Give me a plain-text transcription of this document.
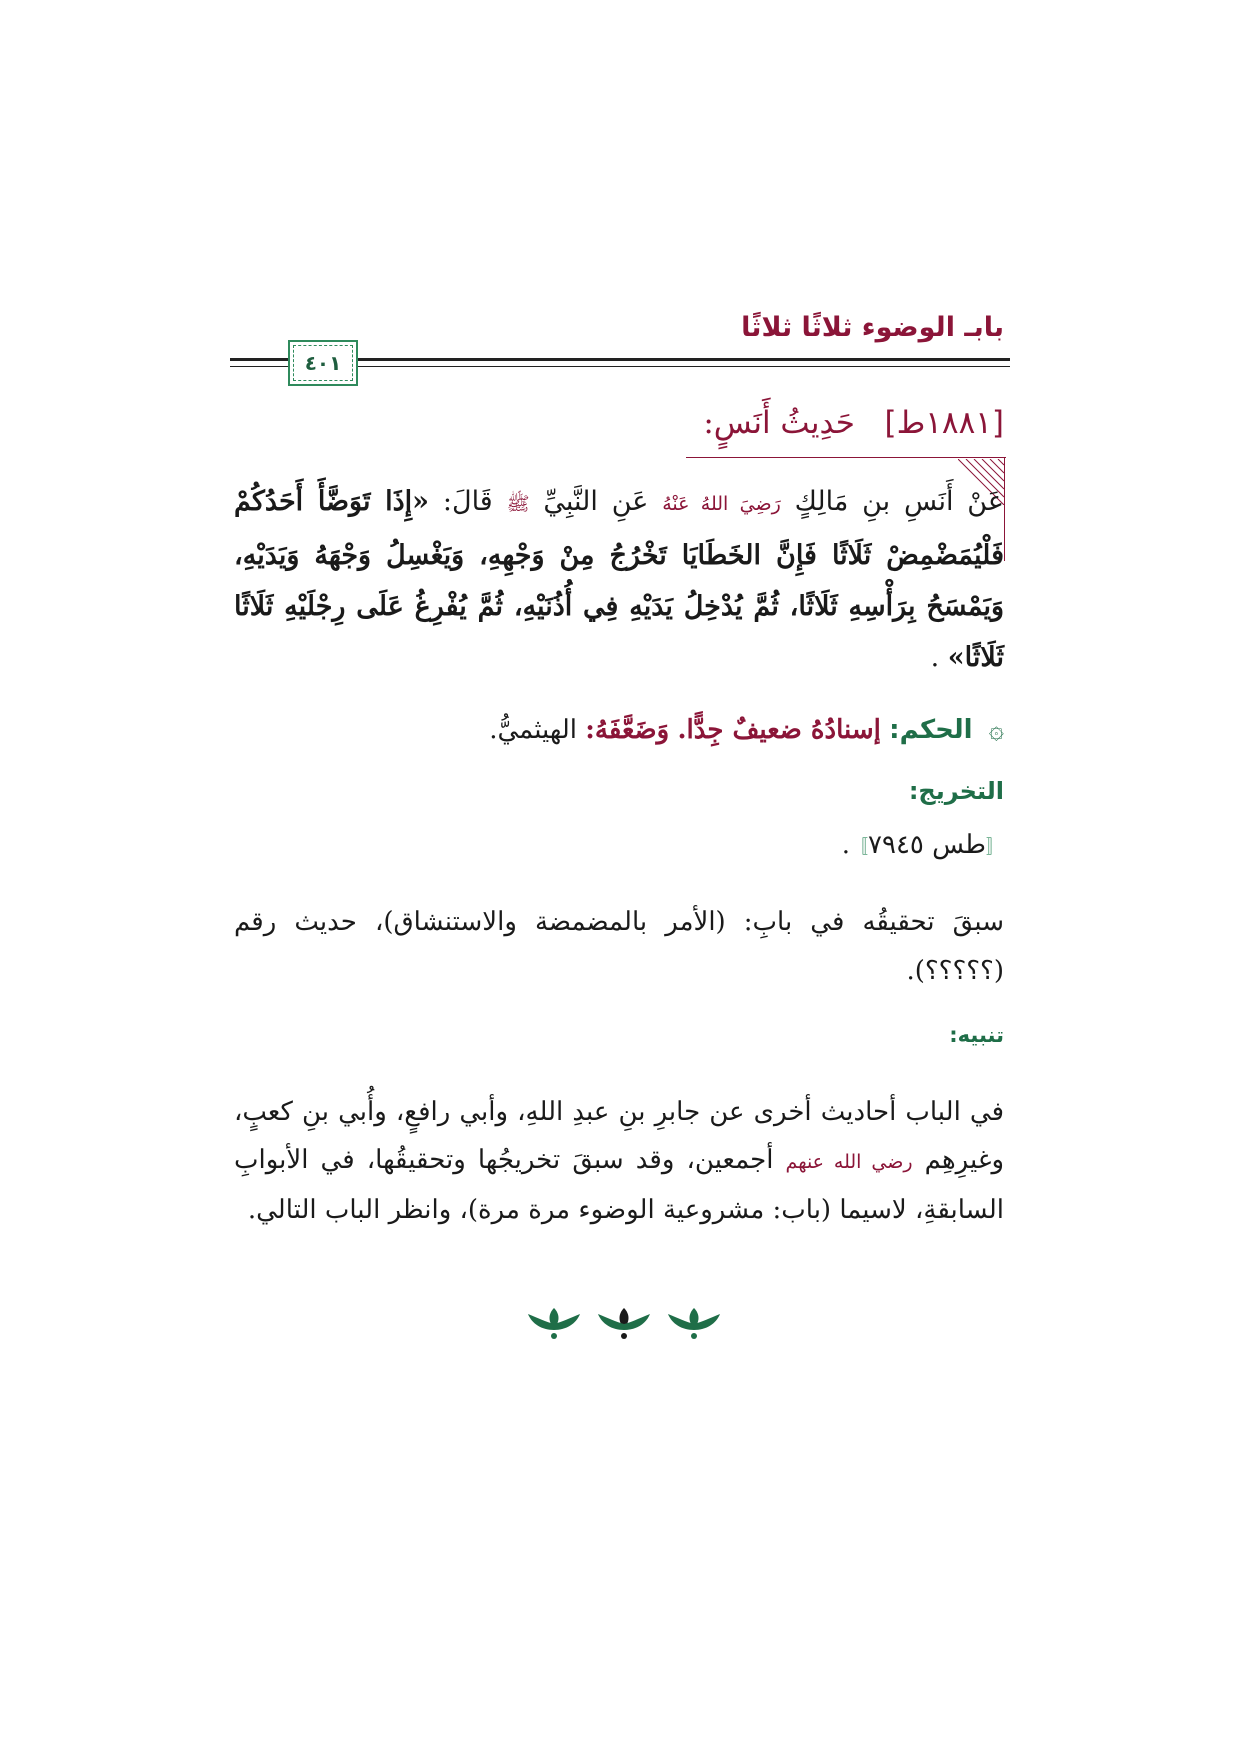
بابـ الوضوء ثلاثًا ثلاثًا
٤٠١
[١٨٨١ط]   حَدِيثُ أَنَسٍ:
عَنْ أَنَسِ بنِ مَالِكٍ رَضِيَ اللهُ عَنْهُ عَنِ النَّبِيِّ ﷺ قَالَ: «إِذَا تَوَضَّأَ أَحَدُكُمْ فَلْيُمَضْمِضْ ثَلَاثًا فَإِنَّ الخَطَايَا تَخْرُجُ مِنْ وَجْهِهِ، وَيَغْسِلُ وَجْهَهُ وَيَدَيْهِ، وَيَمْسَحُ بِرَأْسِهِ ثَلَاثًا، ثُمَّ يُدْخِلُ يَدَيْهِ فِي أُذُنَيْهِ، ثُمَّ يُفْرِغُ عَلَى رِجْلَيْهِ ثَلَاثًا ثَلَاثًا» .
۞ الحكم: إسنادُهُ ضعيفٌ جِدًّا. وَضَعَّفَهُ: الهيثميُّ.
التخريج:
〚طس ٧٩٤٥〛.
سبقَ تحقيقُه في بابِ: (الأمر بالمضمضة والاستنشاق)، حديث رقم (؟؟؟؟؟).
تنبيه:
في الباب أحاديث أخرى عن جابرِ بنِ عبدِ اللهِ، وأبي رافعٍ، وأُبي بنِ كعبٍ، وغيرِهِم رضي الله عنهم أجمعين، وقد سبقَ تخريجُها وتحقيقُها، في الأبوابِ السابقةِ، لاسيما (باب: مشروعية الوضوء مرة مرة)، وانظر الباب التالي.
